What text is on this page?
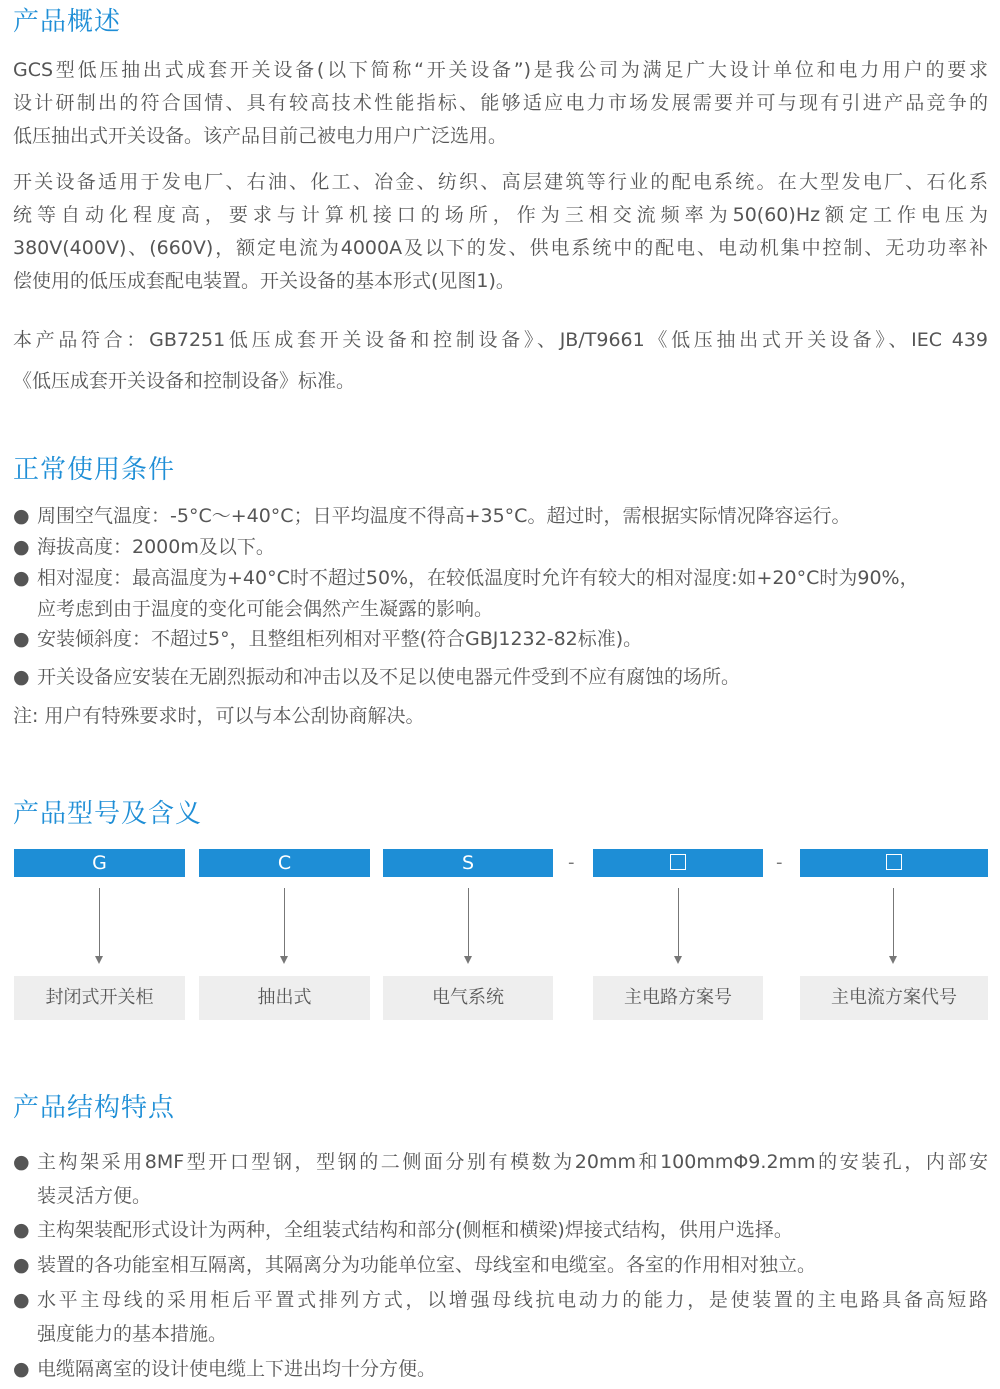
产品概述
GCS型低压抽出式成套开关设备(以下简称“开关设备”)是我公司为满足广大设计单位和电力用户的要求
设计研制出的符合国情、具有较高技术性能指标、能够适应电力市场发展需要并可与现有引进产品竞争的
低压抽出式开关设备。该产品目前己被电力用户广泛选用。
开关设备适用于发电厂、右油、化工、冶金、纺织、高层建筑等行业的配电系统。在大型发电厂、石化系
统等自动化程度高，要求与计算机接口的场所，作为三相交流频率为50(60)Hz额定工作电压为
380V(400V)、(660V)，额定电流为4000A及以下的发、供电系统中的配电、电动机集中控制、无功功率补
偿使用的低压成套配电装置。开关设备的基本形式(见图1)。
本产品符合：GB7251低压成套开关设备和控制设备》、JB/T9661《低压抽出式开关设备》、IEC 439
《低压成套开关设备和控制设备》标准。
正常使用条件
● 周围空气温度：-5°C～+40°C；日平均温度不得高+35°C。超过时，需根据实际情况降容运行。
● 海拔高度：2000m及以下。
● 相对湿度：最高温度为+40°C时不超过50%，在较低温度时允许有较大的相对湿度:如+20°C时为90%，
应考虑到由于温度的变化可能会偶然产生凝露的影响。
● 安装倾斜度：不超过5°，且整组柜列相对平整(符合GBJ1232-82标准)。
● 开关设备应安装在无剧烈振动和冲击以及不足以使电器元件受到不应有腐蚀的场所。
注: 用户有特殊要求时，可以与本公刮协商解决。
产品型号及含义
G	C	S	-	-
封闭式开关柜	抽出式	电气系统	主电路方案号	主电流方案代号
产品结构特点
● 主构架采用8MF型开口型钢，型钢的二侧面分别有模数为20mm和100mmΦ9.2mm的安装孔，内部安
装灵活方便。
● 主构架装配形式设计为两种，全组装式结构和部分(侧框和横梁)焊接式结构，供用户选择。
● 装置的各功能室相互隔离，其隔离分为功能单位室、母线室和电缆室。各室的作用相对独立。
● 水平主母线的采用柜后平置式排列方式，以增强母线抗电动力的能力，是使装置的主电路具备高短路
强度能力的基本措施。
● 电缆隔离室的设计使电缆上下进出均十分方便。
